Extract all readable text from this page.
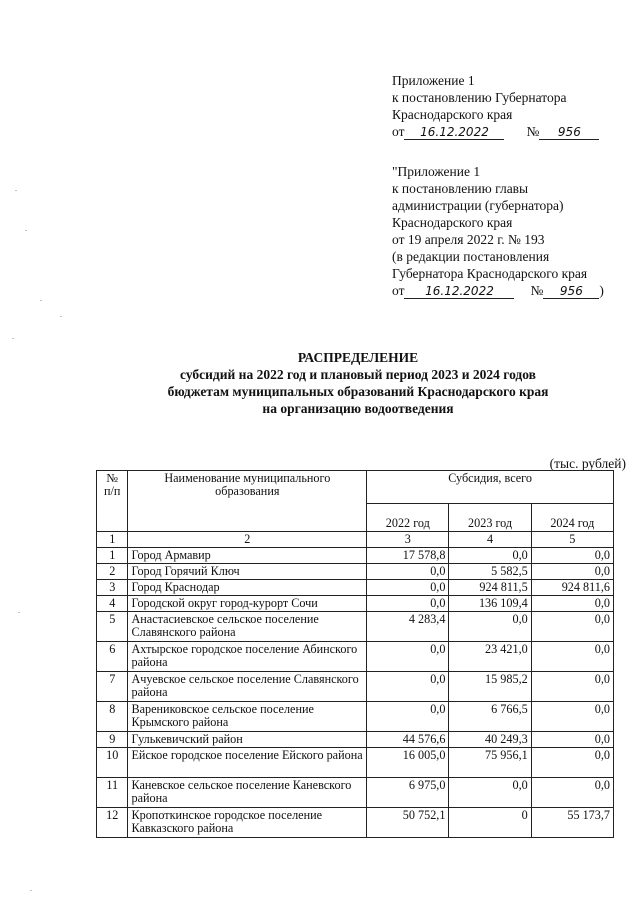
Приложение 1
к постановлению Губернатора
Краснодарского края
от 16.12.2022	№ 956
"Приложение 1
к постановлению главы
администрации (губернатора)
Краснодарского края
от 19 апреля 2022 г. № 193
(в редакции постановления
Губернатора Краснодарского края
от 16.12.2022	№ 956 )
РАСПРЕДЕЛЕНИЕ
субсидий на 2022 год и плановый период 2023 и 2024 годов
бюджетам муниципальных образований Краснодарского края
на организацию водоотведения
(тыс. рублей)
№ п/п	Наименование муниципального образования	Субсидия, всего		
		2022 год	2023 год	2024 год
1	2	3	4	5
1	Город Армавир	17 578,8	0,0	0,0
2	Город Горячий Ключ	0,0	5 582,5	0,0
3	Город Краснодар	0,0	924 811,5	924 811,6
4	Городской округ город-курорт Сочи	0,0	136 109,4	0,0
5	Анастасиевское сельское поселение Славянского района	4 283,4	0,0	0,0
6	Ахтырское городское поселение Абинского района	0,0	23 421,0	0,0
7	Ачуевское сельское поселение Славянского района	0,0	15 985,2	0,0
8	Варениковское сельское поселение Крымского района	0,0	6 766,5	0,0
9	Гулькевичский район	44 576,6	40 249,3	0,0
10	Ейское городское поселение Ейского района	16 005,0	75 956,1	0,0
11	Каневское сельское поселение Каневского района	6 975,0	0,0	0,0
12	Кропоткинское городское поселение Кавказского района	50 752,1	0	55 173,7
